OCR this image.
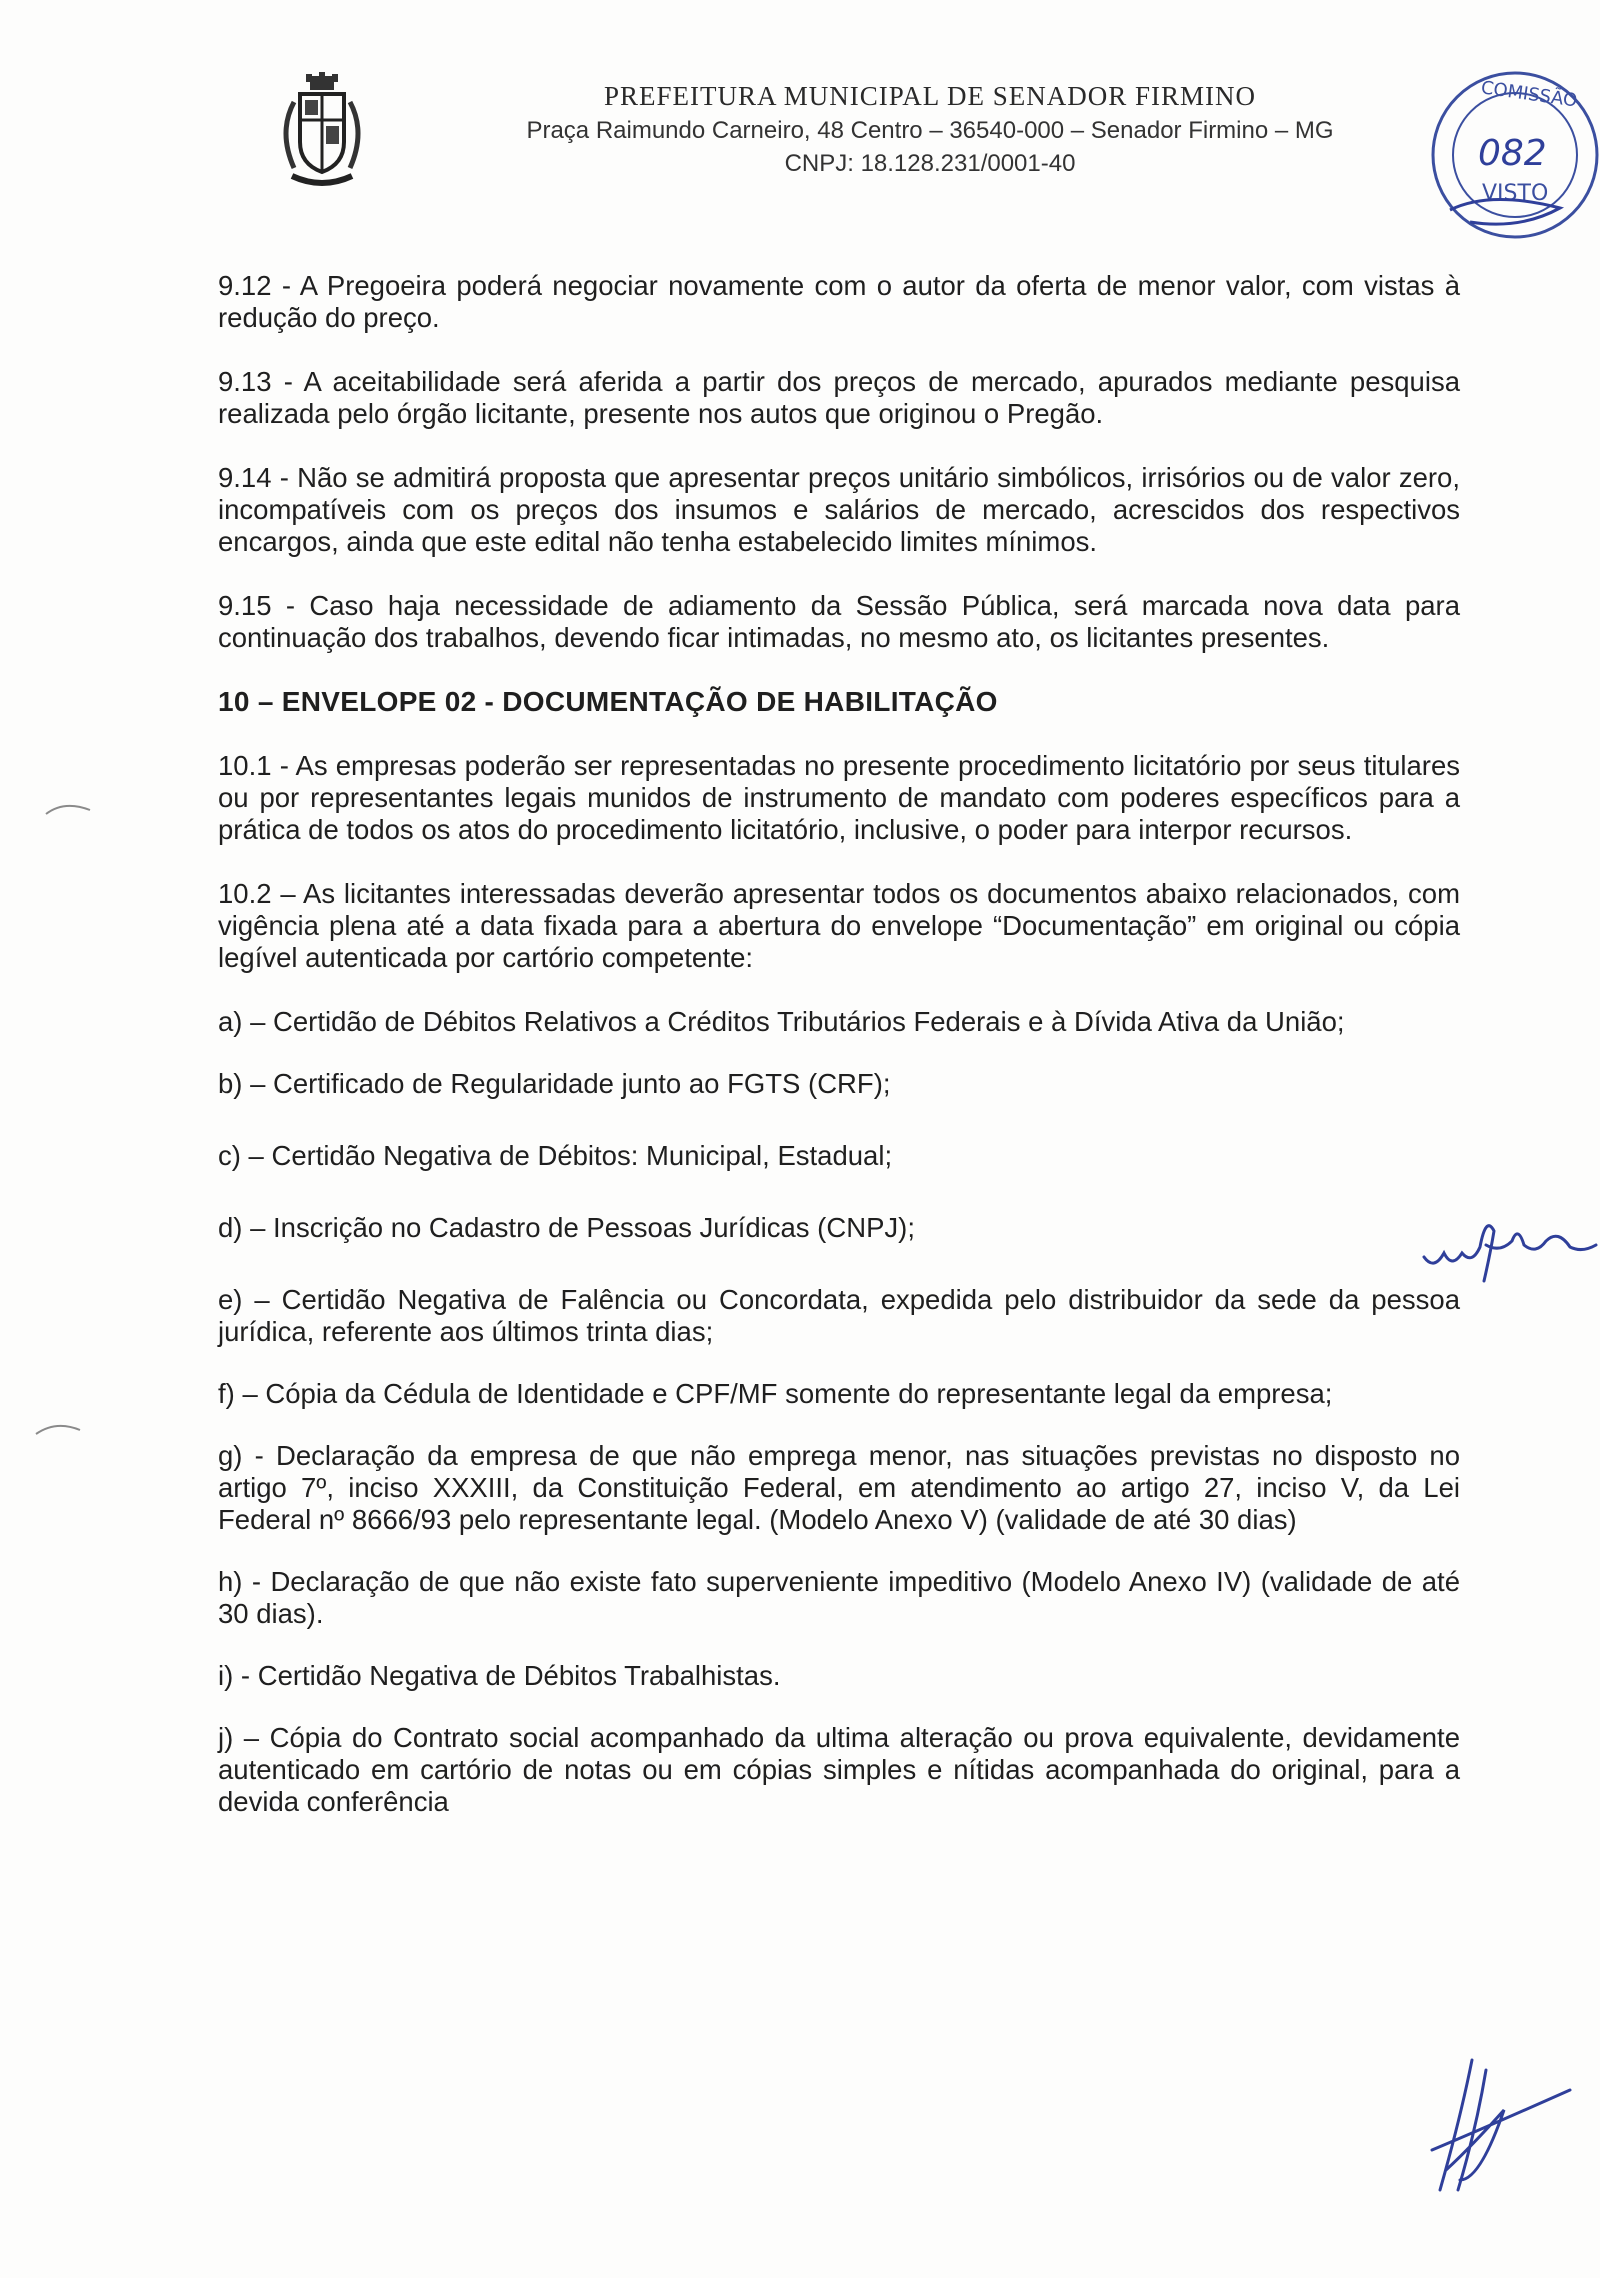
PREFEITURA MUNICIPAL DE SENADOR FIRMINO
Praça Raimundo Carneiro, 48 Centro – 36540-000 – Senador Firmino – MG
CNPJ: 18.128.231/0001-40
COMISSÃO
082
VISTO

9.12 - A Pregoeira poderá negociar novamente com o autor da oferta de menor valor, com vistas à redução do preço.

9.13 - A aceitabilidade será aferida a partir dos preços de mercado, apurados mediante pesquisa realizada pelo órgão licitante, presente nos autos que originou o Pregão.

9.14 - Não se admitirá proposta que apresentar preços unitário simbólicos, irrisórios ou de valor zero, incompatíveis com os preços dos insumos e salários de mercado, acrescidos dos respectivos encargos, ainda que este edital não tenha estabelecido limites mínimos.

9.15 - Caso haja necessidade de adiamento da Sessão Pública, será marcada nova data para continuação dos trabalhos, devendo ficar intimadas, no mesmo ato, os licitantes presentes.

10 – ENVELOPE 02 - DOCUMENTAÇÃO DE HABILITAÇÃO

10.1 - As empresas poderão ser representadas no presente procedimento licitatório por seus titulares ou por representantes legais munidos de instrumento de mandato com poderes específicos para a prática de todos os atos do procedimento licitatório, inclusive, o poder para interpor recursos.

10.2 – As licitantes interessadas deverão apresentar todos os documentos abaixo relacionados, com vigência plena até a data fixada para a abertura do envelope “Documentação” em original ou cópia legível autenticada por cartório competente:

a) – Certidão de Débitos Relativos a Créditos Tributários Federais e à Dívida Ativa da União;

b) – Certificado de Regularidade junto ao FGTS (CRF);

c) – Certidão Negativa de Débitos: Municipal, Estadual;

d) – Inscrição no Cadastro de Pessoas Jurídicas (CNPJ);

e) – Certidão Negativa de Falência ou Concordata, expedida pelo distribuidor da sede da pessoa jurídica, referente aos últimos trinta dias;

f) – Cópia da Cédula de Identidade e CPF/MF somente do representante legal da empresa;

g) - Declaração da empresa de que não emprega menor, nas situações previstas no disposto no artigo 7º, inciso XXXIII, da Constituição Federal, em atendimento ao artigo 27, inciso V, da Lei Federal nº 8666/93 pelo representante legal. (Modelo Anexo V) (validade de até 30 dias)

h) - Declaração de que não existe fato superveniente impeditivo (Modelo Anexo IV) (validade de até 30 dias).

i) - Certidão Negativa de Débitos Trabalhistas.

j) – Cópia do Contrato social acompanhado da ultima alteração ou prova equivalente, devidamente autenticado em cartório de notas ou em cópias simples e nítidas acompanhada do original, para a devida conferência
